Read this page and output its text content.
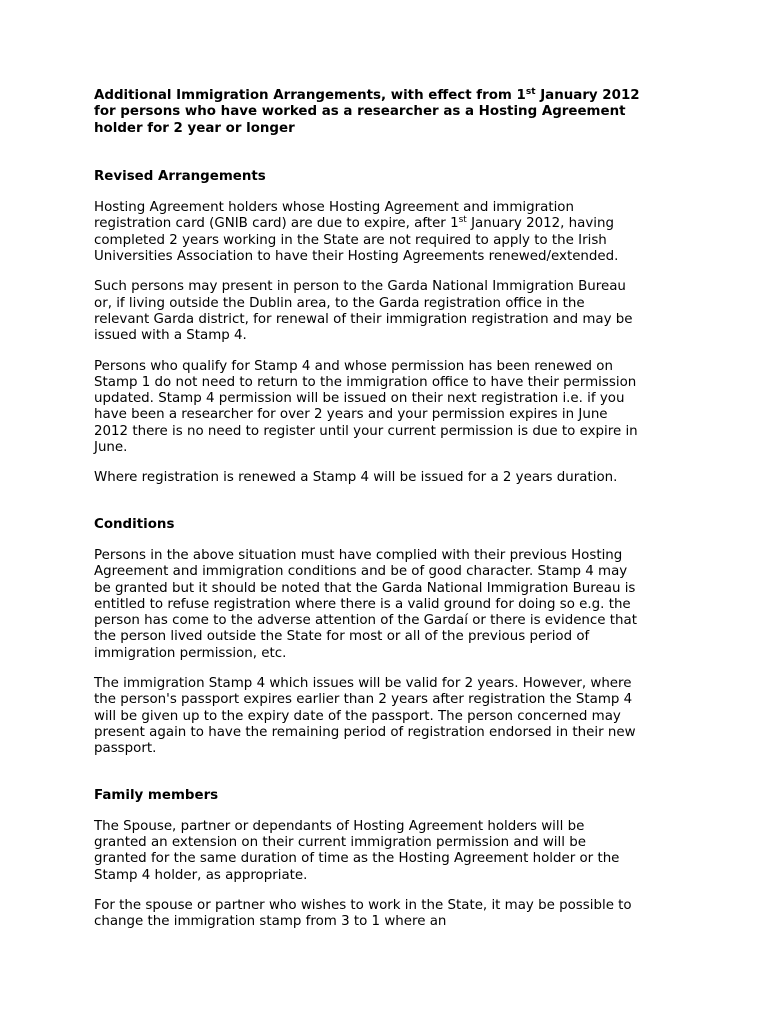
Additional Immigration Arrangements, with effect from 1st January 2012
for persons who have worked as a researcher as a Hosting Agreement
holder for 2 year or longer

Revised Arrangements

Hosting Agreement holders whose Hosting Agreement and immigration
registration card (GNIB card) are due to expire, after 1st January 2012, having
completed 2 years working in the State are not required to apply to the Irish
Universities Association to have their Hosting Agreements renewed/extended.

Such persons may present in person to the Garda National Immigration Bureau
or, if living outside the Dublin area, to the Garda registration office in the
relevant Garda district, for renewal of their immigration registration and may be
issued with a Stamp 4.

Persons who qualify for Stamp 4 and whose permission has been renewed on
Stamp 1 do not need to return to the immigration office to have their permission
updated. Stamp 4 permission will be issued on their next registration i.e. if you
have been a researcher for over 2 years and your permission expires in June
2012 there is no need to register until your current permission is due to expire in
June.

Where registration is renewed a Stamp 4 will be issued for a 2 years duration.

Conditions

Persons in the above situation must have complied with their previous Hosting
Agreement and immigration conditions and be of good character. Stamp 4 may
be granted but it should be noted that the Garda National Immigration Bureau is
entitled to refuse registration where there is a valid ground for doing so e.g. the
person has come to the adverse attention of the Gardaí or there is evidence that
the person lived outside the State for most or all of the previous period of
immigration permission, etc.

The immigration Stamp 4 which issues will be valid for 2 years. However, where
the person's passport expires earlier than 2 years after registration the Stamp 4
will be given up to the expiry date of the passport. The person concerned may
present again to have the remaining period of registration endorsed in their new
passport.

Family members

The Spouse, partner or dependants of Hosting Agreement holders will be
granted an extension on their current immigration permission and will be
granted for the same duration of time as the Hosting Agreement holder or the
Stamp 4 holder, as appropriate.

For the spouse or partner who wishes to work in the State, it may be possible to
change the immigration stamp from 3 to 1 where an
